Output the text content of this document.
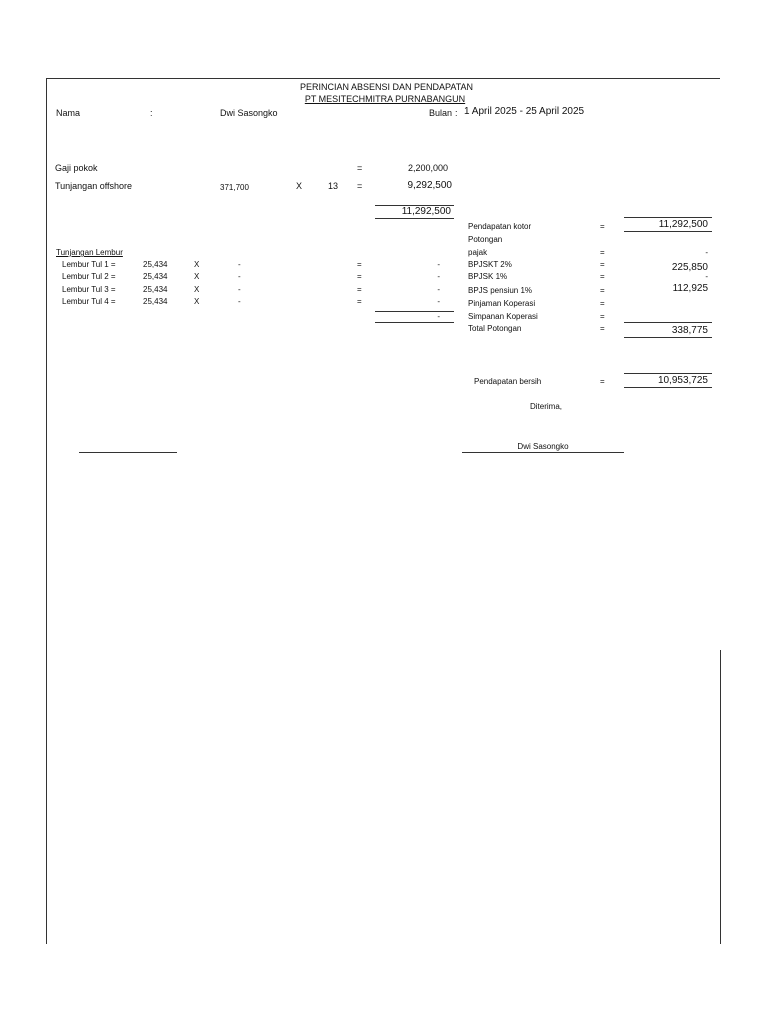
PERINCIAN ABSENSI DAN PENDAPATAN
PT MESITECHMITRA PURNABANGUN
Nama	:	Dwi Sasongko	Bulan : 1 April 2025 - 25 April 2025
Gaji pokok	=	2,200,000
Tunjangan offshore	371,700	X	13 =	9,292,500
11,292,500
Tunjangan Lembur
Lembur Tul 1 =	25,434	X	-	=	-
Lembur Tul 2 =	25,434	X	-	=	-
Lembur Tul 3 =	25,434	X	-	=	-
Lembur Tul 4 =	25,434	X	-	=	-
-
Pendapatan kotor	=	11,292,500
Potongan
pajak	=	-
BPJSKT 2%	=	225,850
BPJSK 1%	=	-
BPJS pensiun 1%	=	112,925
Pinjaman Koperasi	=
Simpanan Koperasi	=
Total Potongan	=	338,775
Pendapatan bersih	=	10,953,725
Diterima,
Dwi Sasongko
